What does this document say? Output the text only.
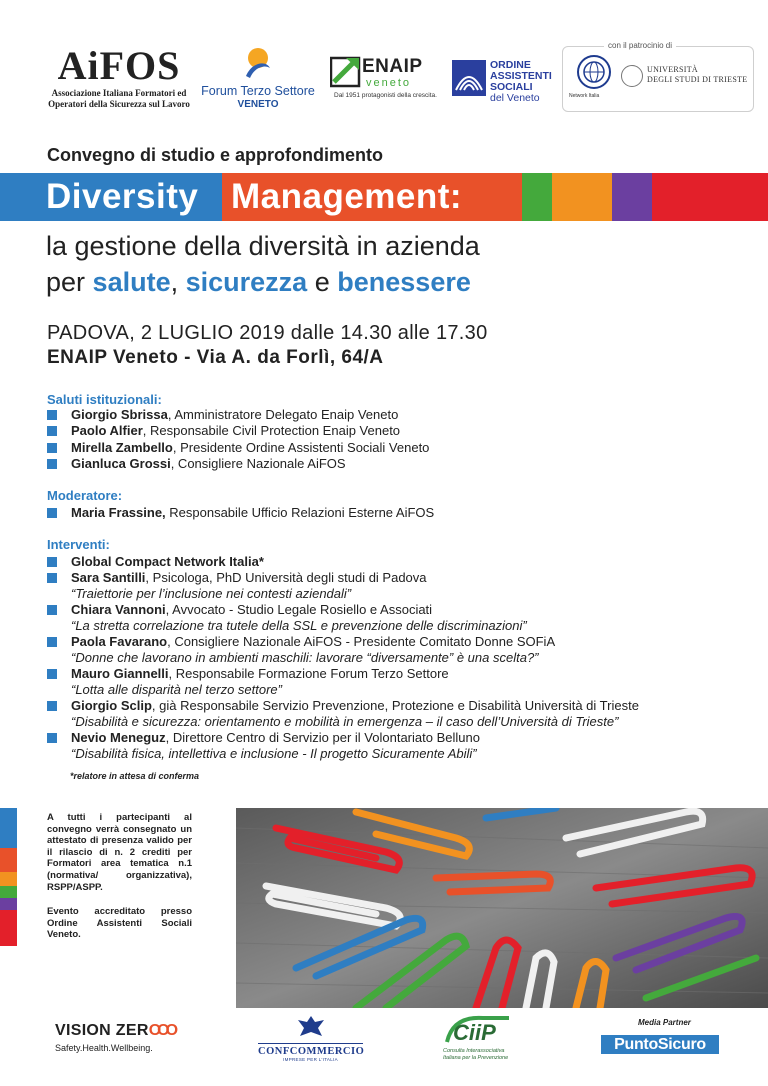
AiFOS
Associazione Italiana Formatori ed Operatori della Sicurezza sul Lavoro
Forum Terzo Settore
VENETO
ENAIP
veneto
Dal 1951 protagonisti della crescita.
ORDINE
ASSISTENTI
SOCIALI
del Veneto	Network Italia
UNIVERSITÀ
DEGLI STUDI DI TRIESTE
con il patrocinio di
Convegno di studio e approfondimento
Diversity Management:
la gestione della diversità in azienda
per salute, sicurezza e benessere
PADOVA, 2 LUGLIO 2019 dalle 14.30 alle 17.30
ENAIP Veneto - Via A. da Forlì, 64/A
Saluti istituzionali:
Giorgio Sbrissa, Amministratore Delegato Enaip Veneto
Paolo Alfier, Responsabile Civil Protection Enaip Veneto
Mirella Zambello, Presidente Ordine Assistenti Sociali Veneto
Gianluca Grossi, Consigliere Nazionale AiFOS
Moderatore:
Maria Frassine, Responsabile Ufficio Relazioni Esterne AiFOS
Interventi:
Global Compact Network Italia*
Sara Santilli, Psicologa, PhD Università degli studi di Padova
“Traiettorie per l’inclusione nei contesti aziendali”
Chiara Vannoni, Avvocato - Studio Legale Rosiello e Associati
“La stretta correlazione tra tutele della SSL e prevenzione delle discriminazioni”
Paola Favarano, Consigliere Nazionale AiFOS - Presidente Comitato Donne SOFiA
“Donne che lavorano in ambienti maschili: lavorare “diversamente” è una scelta?”
Mauro Giannelli, Responsabile Formazione Forum Terzo Settore
“Lotta alle disparità nel terzo settore”
Giorgio Sclip, già Responsabile Servizio Prevenzione, Protezione e Disabilità Università di Trieste
“Disabilità e sicurezza: orientamento e mobilità in emergenza – il caso dell’Università di Trieste”
Nevio Meneguz, Direttore Centro di Servizio per il Volontariato Belluno
“Disabilità fisica, intellettiva e inclusione - Il progetto Sicuramente Abili”
*relatore in attesa di conferma
A tutti i partecipanti al convegno verrà consegnato un attestato di presenza valido per il rilascio di n. 2 crediti per Formatori area tematica n.1 (normativa/ organizzativa), RSPP/ASPP.
Evento accreditato presso Ordine Assistenti Sociali Veneto.
VISION ZEROOO
Safety.Health.Wellbeing.	CONFCOMMERCIO
IMPRESE PER L'ITALIA
CiiP
Consulta Interassociativa
Italiana per la Prevenzione
Media Partner
PuntoSicuro
